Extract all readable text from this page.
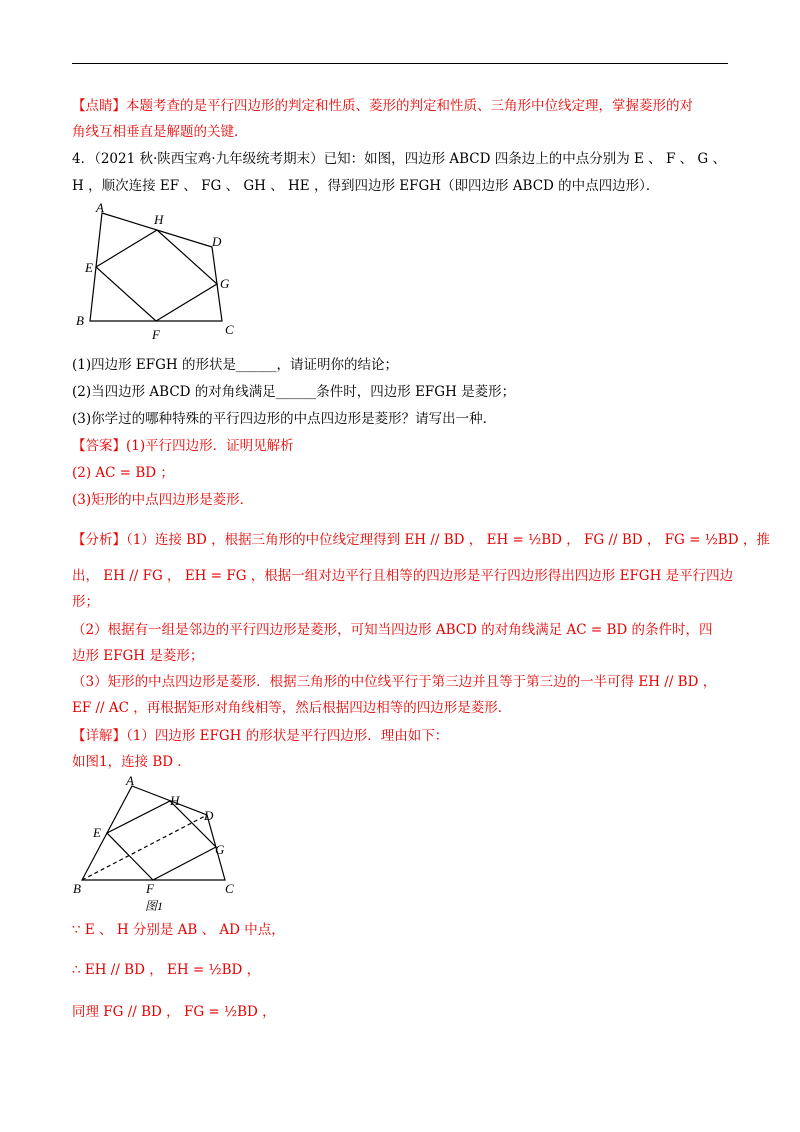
【点睛】本题考查的是平行四边形的判定和性质、菱形的判定和性质、三角形中位线定理，掌握菱形的对
角线互相垂直是解题的关键．
4．（2021 秋·陕西宝鸡·九年级统考期末）已知：如图，四边形 ABCD 四条边上的中点分别为 E 、 F 、 G 、
H ，顺次连接 EF 、 FG 、 GH 、 HE ，得到四边形 EFGH（即四边形 ABCD 的中点四边形）．
A
H
D
E
G
B
F	C
(1)四边形 EFGH 的形状是______，请证明你的结论；
(2)当四边形 ABCD 的对角线满足______条件时，四边形 EFGH 是菱形；
(3)你学过的哪种特殊的平行四边形的中点四边形是菱形？请写出一种．
【答案】(1)平行四边形．证明见解析
(2) AC = BD ；
(3)矩形的中点四边形是菱形．
【分析】（1）连接 BD ，根据三角形的中位线定理得到 EH // BD ， EH = ½BD ， FG // BD ， FG = ½BD ，推
出， EH // FG ， EH = FG ，根据一组对边平行且相等的四边形是平行四边形得出四边形 EFGH 是平行四边
形；
（2）根据有一组是邻边的平行四边形是菱形，可知当四边形 ABCD 的对角线满足 AC = BD 的条件时，四
边形 EFGH 是菱形；
（3）矩形的中点四边形是菱形．根据三角形的中位线平行于第三边并且等于第三边的一半可得 EH // BD ，
EF // AC ，再根据矩形对角线相等，然后根据四边相等的四边形是菱形．
【详解】（1）四边形 EFGH 的形状是平行四边形．理由如下：
如图1，连接 BD ．
A
H
D
E
G
B	F	C
图1
∵ E 、 H 分别是 AB 、 AD 中点，
∴ EH // BD ， EH = ½BD ，
同理 FG // BD ， FG = ½BD ，
